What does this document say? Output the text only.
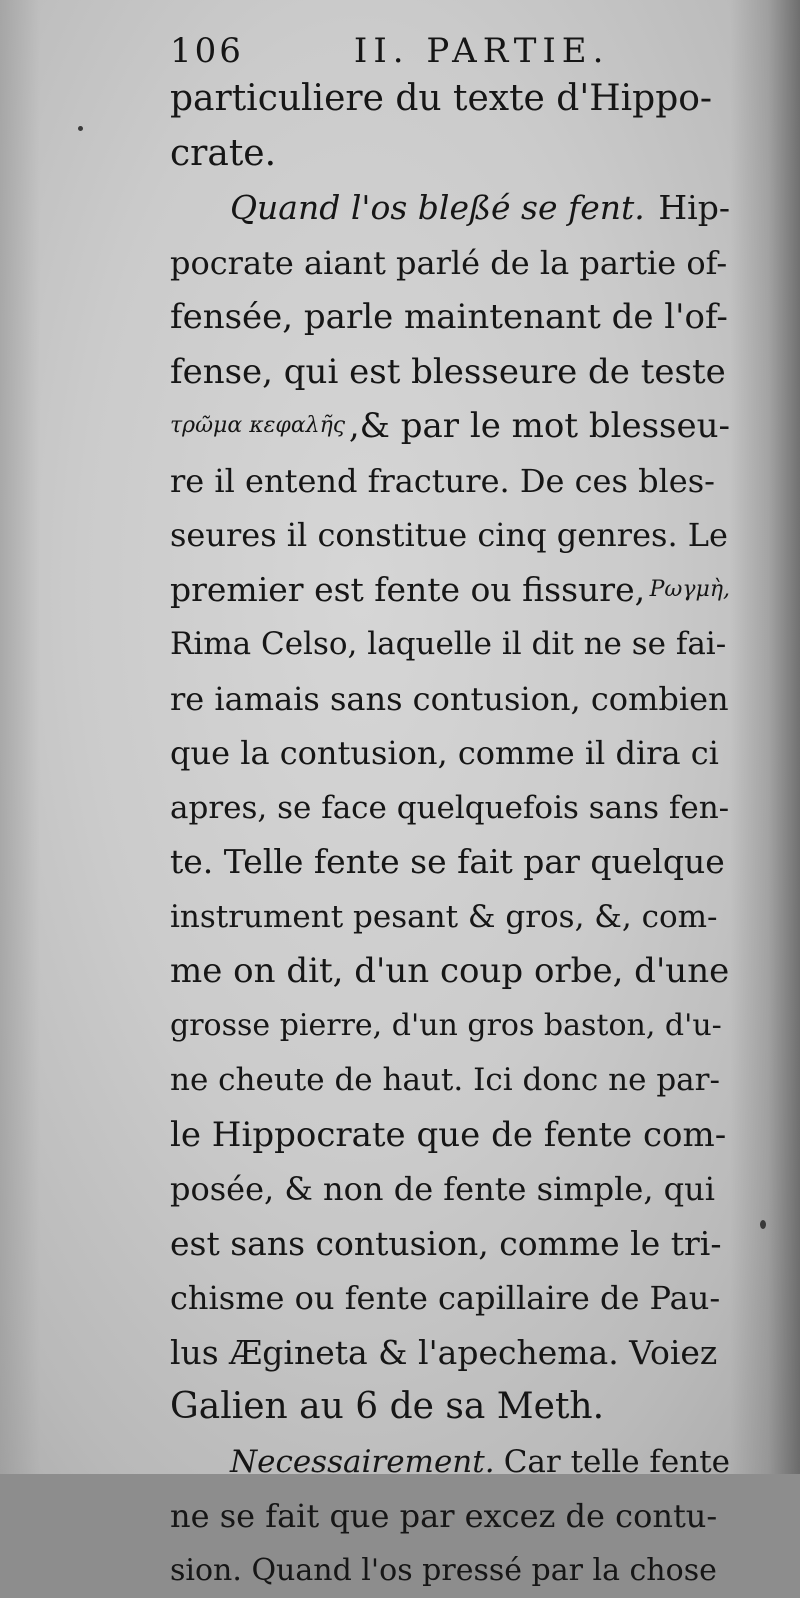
106	II. PARTIE.
particuliere du texte d'Hippo-
crate.
Quand l'os bleßé se fent. Hip-
pocrate aiant parlé de la partie of-
fensée, parle maintenant de l'of-
fense, qui est blesseure de teste
τρῶμα κεφαλῆς ,& par le mot blesseu-
re il entend fracture. De ces bles-
seures il constitue cinq genres. Le
premier est fente ou fissure, Ρωγμὴ,
Rima Celso, laquelle il dit ne se fai-
re iamais sans contusion, combien
que la contusion, comme il dira ci
apres, se face quelquefois sans fen-
te. Telle fente se fait par quelque
instrument pesant & gros, &, com-
me on dit, d'un coup orbe, d'une
grosse pierre, d'un gros baston, d'u-
ne cheute de haut. Ici donc ne par-
le Hippocrate que de fente com-
posée, & non de fente simple, qui
est sans contusion, comme le tri-
chisme ou fente capillaire de Pau-
lus Ægineta & l'apechema. Voiez
Galien au 6 de sa Meth.
Necessairement. Car telle fente
ne se fait que par excez de contu-
sion. Quand l'os pressé par la chose
